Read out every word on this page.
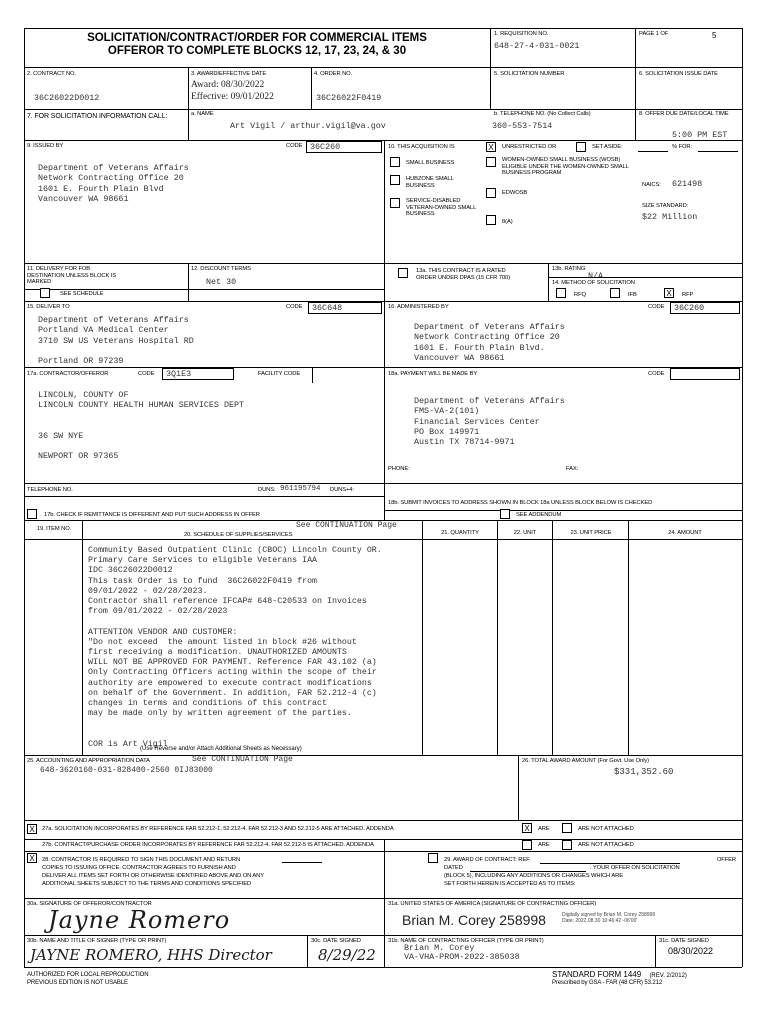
SOLICITATION/CONTRACT/ORDER FOR COMMERCIAL ITEMS
OFFEROR TO COMPLETE BLOCKS 12, 17, 23, 24, & 30
1. REQUISITION NO.
648-27-4-031-0021
PAGE 1 OF	5
2. CONTRACT NO.
36C26022D0012
3. AWARD/EFFECTIVE DATE
Award: 08/30/2022
Effective: 09/01/2022
4. ORDER NO.
36C26022F0419
5. SOLICITATION NUMBER	6. SOLICITATION ISSUE DATE
7. FOR SOLICITATION INFORMATION CALL:	a. NAME
Art Vigil / arthur.vigil@va.gov
b. TELEPHONE NO. (No Collect Calls)
360-553-7514
8. OFFER DUE DATE/LOCAL TIME
5:00 PM EST
9. ISSUED BY	CODE 36C260
Department of Veterans Affairs
Network Contracting Office 20
1601 E. Fourth Plain Blvd
Vancouver WA 98661
10. THIS ACQUISITION IS	X	UNRESTRICTED OR	SET ASIDE:	% FOR:
SMALL BUSINESS
HUBZONE SMALL BUSINESS
SERVICE-DISABLED VETERAN-OWNED SMALL BUSINESS
WOMEN-OWNED SMALL BUSINESS (WOSB) ELIGIBLE UNDER THE WOMEN-OWNED SMALL BUSINESS PROGRAM
EDWOSB
8(A)
NAICS: 621498
SIZE STANDARD:
$22 Million
11. DELIVERY FOR FOB DESTINATION UNLESS BLOCK IS MARKED
SEE SCHEDULE
12. DISCOUNT TERMS
Net 30
13a. THIS CONTRACT IS A RATED ORDER UNDER DPAS (15 CFR 700)
13b. RATING
N/A
14. METHOD OF SOLICITATION
RFQ	IFB	X	RFP
15. DELIVER TO	CODE	36C648
Department of Veterans Affairs
Portland VA Medical Center
3710 SW US Veterans Hospital RD
Portland OR 97239
16. ADMINISTERED BY	CODE	36C260
Department of Veterans Affairs
Network Contracting Office 20
1601 E. Fourth Plain Blvd.
Vancouver WA 98661
17a. CONTRACTOR/OFFEROR	CODE	3Q1E3	FACILITY CODE
LINCOLN, COUNTY OF
LINCOLN COUNTY HEALTH HUMAN SERVICES DEPT
36 SW NYE
NEWPORT OR 97365
TELEPHONE NO.	DUNS: 961195794 DUNS+4:
17b. CHECK IF REMITTANCE IS DIFFERENT AND PUT SUCH ADDRESS IN OFFER
18a. PAYMENT WILL BE MADE BY	CODE
Department of Veterans Affairs
FMS-VA-2(101)
Financial Services Center
PO Box 149971
Austin TX 78714-9971
PHONE:	FAX:
18b. SUBMIT INVOICES TO ADDRESS SHOWN IN BLOCK 18a UNLESS BLOCK BELOW IS CHECKED
SEE ADDENDUM
19. ITEM NO.
20. SCHEDULE OF SUPPLIES/SERVICES
See CONTINUATION Page
21. QUANTITY	22. UNIT	23. UNIT PRICE	24. AMOUNT
Community Based Outpatient Clinic (CBOC) Lincoln County OR.
Primary Care Services to eligible Veterans IAA
IDC 36C26022D0012
This task Order is to fund  36C26022F0419 from
09/01/2022 - 02/28/2023.
Contractor shall reference IFCAP# 648-C20533 on Invoices
from 09/01/2022 - 02/28/2023

ATTENTION VENDOR AND CUSTOMER:
"Do not exceed  the amount listed in block #26 without
first receiving a modification. UNAUTHORIZED AMOUNTS
WILL NOT BE APPROVED FOR PAYMENT. Reference FAR 43.102 (a)
Only Contracting Officers acting within the scope of their
authority are empowered to execute contract modifications
on behalf of the Government. In addition, FAR 52.212-4 (c)
changes in terms and conditions of this contract
may be made only by written agreement of the parties.

COR is Art Vigil
(Use Reverse and/or Attach Additional Sheets as Necessary)
25. ACCOUNTING AND APPROPRIATION DATA	See CONTINUATION Page
648-3620160-031-828400-2560 0IJ83000
26. TOTAL AWARD AMOUNT (For Govt. Use Only)
$331,352.60
X	27a. SOLICITATION INCORPORATES BY REFERENCE FAR 52.212-1, 52.212-4. FAR 52.212-3 AND 52.212-5 ARE ATTACHED. ADDENDA	X	ARE	ARE NOT ATTACHED
27b. CONTRACT/PURCHASE ORDER INCORPORATES BY REFERENCE FAR 52.212-4. FAR 52.212-5 IS ATTACHED. ADDENDA	ARE	ARE NOT ATTACHED
X	28. CONTRACTOR IS REQUIRED TO SIGN THIS DOCUMENT AND RETURN
COPIES TO ISSUING OFFICE. CONTRACTOR AGREES TO FURNISH AND
DELIVER ALL ITEMS SET FORTH OR OTHERWISE IDENTIFIED ABOVE AND ON ANY
ADDITIONAL SHEETS SUBJECT TO THE TERMS AND CONDITIONS SPECIFIED
29. AWARD OF CONTRACT: REF.	OFFER
DATED	. YOUR OFFER ON SOLICITATION
(BLOCK 5), INCLUDING ANY ADDITIONS OR CHANGES WHICH ARE
SET FORTH HEREIN IS ACCEPTED AS TO ITEMS:
30a. SIGNATURE OF OFFEROR/CONTRACTOR
Jayne Romero
30b. NAME AND TITLE OF SIGNER (TYPE OR PRINT)
JAYNE ROMERO, HHS Director
30c. DATE SIGNED
8/29/22
31a. UNITED STATES OF AMERICA (SIGNATURE OF CONTRACTING OFFICER)
Brian M. Corey 258998	Digitally signed by Brian M. Corey 258998
Date: 2022.08.30 10:46:42 -06'00'
31b. NAME OF CONTRACTING OFFICER (TYPE OR PRINT)
Brian M. Corey
VA-VHA-PROM-2022-385038
31c. DATE SIGNED
08/30/2022
AUTHORIZED FOR LOCAL REPRODUCTION
PREVIOUS EDITION IS NOT USABLE
STANDARD FORM 1449 (REV. 2/2012)
Prescribed by GSA - FAR (48 CFR) 53.212
